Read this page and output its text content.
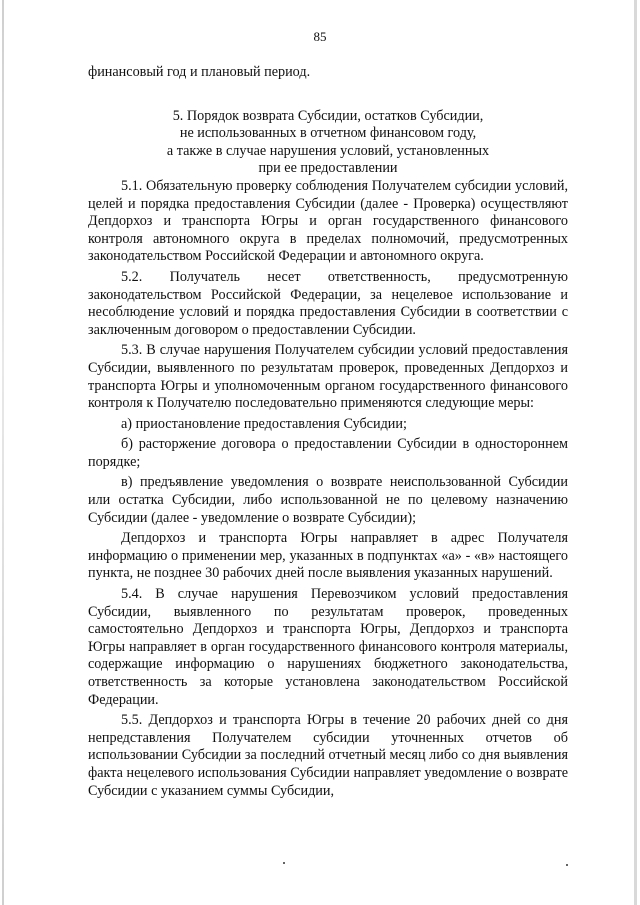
85

финансовый год и плановый период.

5. Порядок возврата Субсидии, остатков Субсидии,
не использованных в отчетном финансовом году,
а также в случае нарушения условий, установленных
при ее предоставлении

5.1. Обязательную проверку соблюдения Получателем субсидии условий, целей и порядка предоставления Субсидии (далее - Проверка) осуществляют Депдорхоз и транспорта Югры и орган государственного финансового контроля автономного округа в пределах полномочий, предусмотренных законодательством Российской Федерации и автономного округа.

5.2. Получатель несет ответственность, предусмотренную законодательством Российской Федерации, за нецелевое использование и несоблюдение условий и порядка предоставления Субсидии в соответствии с заключенным договором о предоставлении Субсидии.

5.3. В случае нарушения Получателем субсидии условий предоставления Субсидии, выявленного по результатам проверок, проведенных Депдорхоз и транспорта Югры и уполномоченным органом государственного финансового контроля к Получателю последовательно применяются следующие меры:

а) приостановление предоставления Субсидии;

б) расторжение договора о предоставлении Субсидии в одностороннем порядке;

в) предъявление уведомления о возврате неиспользованной Субсидии или остатка Субсидии, либо использованной не по целевому назначению Субсидии (далее - уведомление о возврате Субсидии);

Депдорхоз и транспорта Югры направляет в адрес Получателя информацию о применении мер, указанных в подпунктах «а» - «в» настоящего пункта, не позднее 30 рабочих дней после выявления указанных нарушений.

5.4. В случае нарушения Перевозчиком условий предоставления Субсидии, выявленного по результатам проверок, проведенных самостоятельно Депдорхоз и транспорта Югры, Депдорхоз и транспорта Югры направляет в орган государственного финансового контроля материалы, содержащие информацию о нарушениях бюджетного законодательства, ответственность за которые установлена законодательством Российской Федерации.

5.5. Депдорхоз и транспорта Югры в течение 20 рабочих дней со дня непредставления Получателем субсидии уточненных отчетов об использовании Субсидии за последний отчетный месяц либо со дня выявления факта нецелевого использования Субсидии направляет уведомление о возврате Субсидии с указанием суммы Субсидии,
